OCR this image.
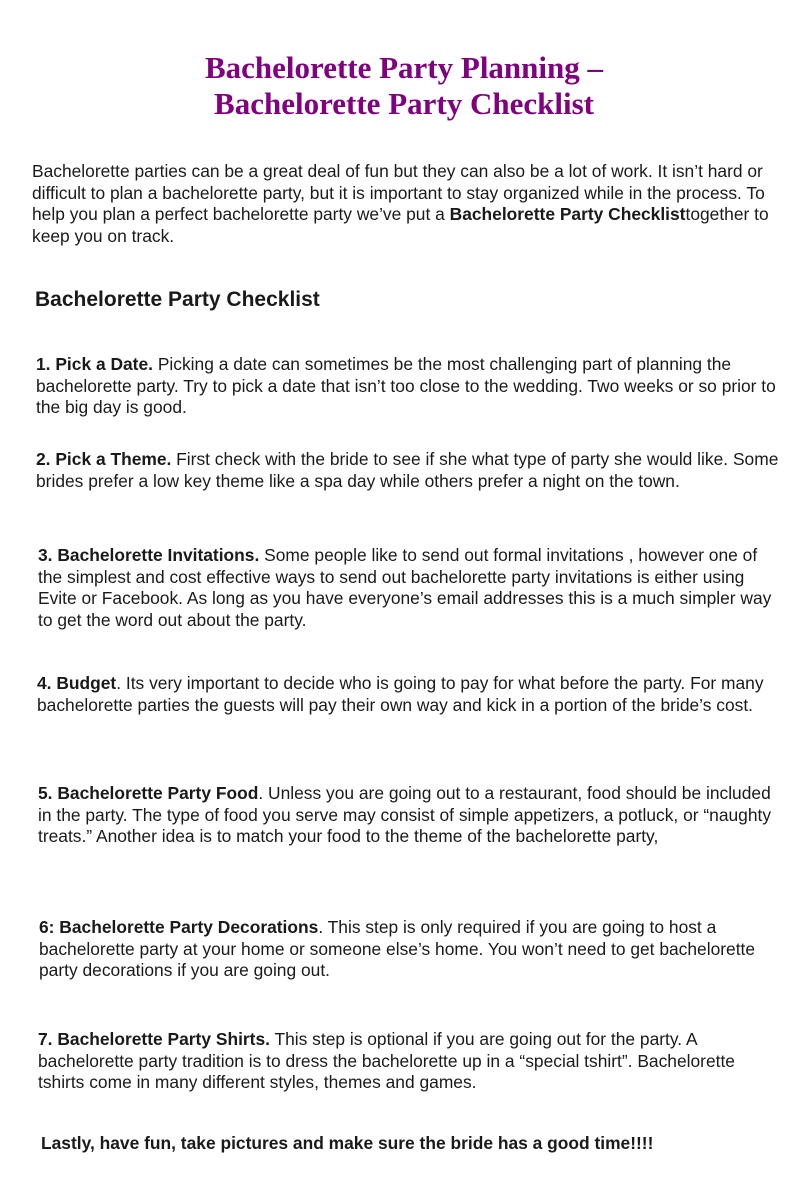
Bachelorette Party Planning –
Bachelorette Party Checklist

Bachelorette parties can be a great deal of fun but they can also be a lot of work. It isn’t hard or difficult to plan a bachelorette party, but it is important to stay organized while in the process. To help you plan a perfect bachelorette party we’ve put a Bachelorette Party Checklisttogether to keep you on track.

Bachelorette Party Checklist

1. Pick a Date. Picking a date can sometimes be the most challenging part of planning the bachelorette party. Try to pick a date that isn’t too close to the wedding. Two weeks or so prior to the big day is good.

2. Pick a Theme. First check with the bride to see if she what type of party she would like. Some brides prefer a low key theme like a spa day while others prefer a night on the town.

3. Bachelorette Invitations. Some people like to send out formal invitations , however one of the simplest and cost effective ways to send out bachelorette party invitations is either using Evite or Facebook. As long as you have everyone’s email addresses this is a much simpler way to get the word out about the party.

4. Budget. Its very important to decide who is going to pay for what before the party. For many bachelorette parties the guests will pay their own way and kick in a portion of the bride’s cost.

5. Bachelorette Party Food. Unless you are going out to a restaurant, food should be included in the party. The type of food you serve may consist of simple appetizers, a potluck, or “naughty treats.” Another idea is to match your food to the theme of the bachelorette party,

6: Bachelorette Party Decorations. This step is only required if you are going to host a bachelorette party at your home or someone else’s home. You won’t need to get bachelorette party decorations if you are going out.

7. Bachelorette Party Shirts. This step is optional if you are going out for the party. A bachelorette party tradition is to dress the bachelorette up in a “special tshirt”. Bachelorette tshirts come in many different styles, themes and games.

Lastly, have fun, take pictures and make sure the bride has a good time!!!!
